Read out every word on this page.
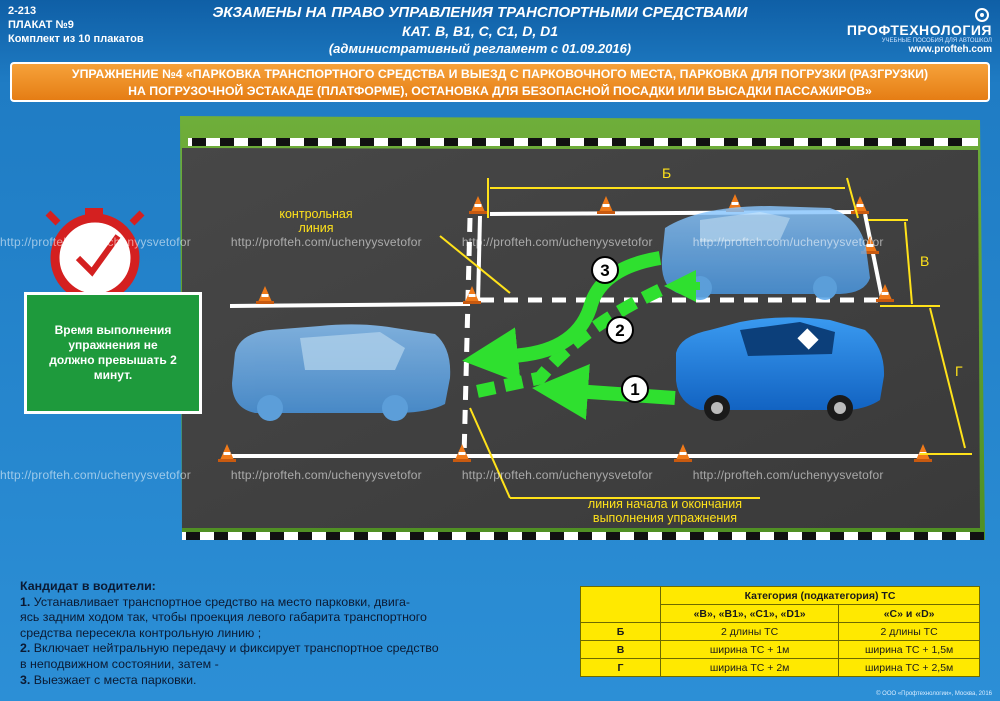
2-213
ПЛАКАТ №9
Комплект из 10 плакатов
ЭКЗАМЕНЫ НА ПРАВО УПРАВЛЕНИЯ ТРАНСПОРТНЫМИ СРЕДСТВАМИ
КАТ. B, B1, C, C1, D, D1
(административный регламент с 01.09.2016)
ПРОФТЕХНОЛОГИЯ
УЧЕБНЫЕ ПОСОБИЯ ДЛЯ АВТОШКОЛ
www.profteh.com
УПРАЖНЕНИЕ №4 «ПАРКОВКА ТРАНСПОРТНОГО СРЕДСТВА И ВЫЕЗД С ПАРКОВОЧНОГО МЕСТА, ПАРКОВКА ДЛЯ ПОГРУЗКИ (РАЗГРУЗКИ)
НА ПОГРУЗОЧНОЙ ЭСТАКАДЕ (ПЛАТФОРМЕ), ОСТАНОВКА ДЛЯ БЕЗОПАСНОЙ ПОСАДКИ ИЛИ ВЫСАДКИ ПАССАЖИРОВ»
1
2
3
Б
В
Г
контрольная
линия
линия начала и окончания
выполнения упражнения
http://profteh.com/uchenyysvetofor	http://profteh.com/uchenyysvetofor	http://profteh.com/uchenyysvetofor	http://profteh.com/uchenyysvetofor
http://profteh.com/uchenyysvetofor	http://profteh.com/uchenyysvetofor	http://profteh.com/uchenyysvetofor	http://profteh.com/uchenyysvetofor
Время выполнения упражнения не должно превышать 2 минут.
Кандидат в водители:
1. Устанавливает транспортное средство на место парковки, двига-
ясь задним ходом так, чтобы проекция левого габарита транспортного
средства пересекла контрольную линию ;
2. Включает нейтральную передачу и фиксирует транспортное средство
в неподвижном состоянии, затем -
3. Выезжает с места парковки.
	Категория (подкатегория) ТС	
	«В», «В1», «С1», «D1»	«С» и «D»
Б	2 длины ТС	2 длины ТС
В	ширина ТС + 1м	ширина ТС + 1,5м
Г	ширина ТС + 2м	ширина ТС + 2,5м
© ООО «Профтехнологии», Москва, 2016
